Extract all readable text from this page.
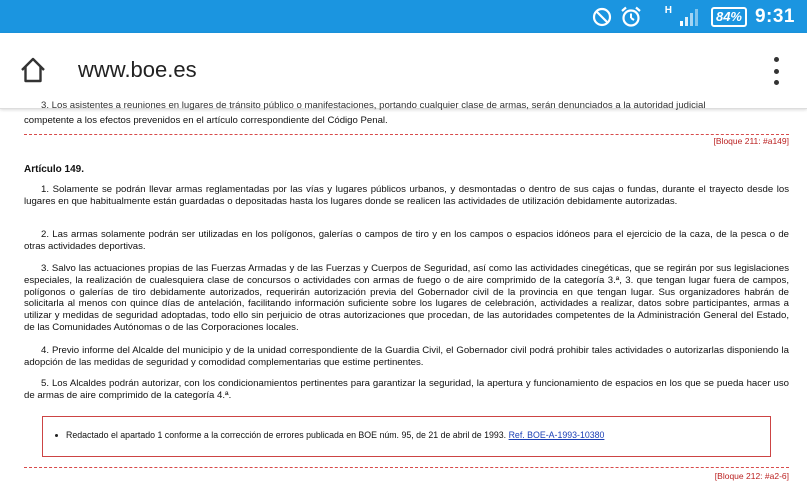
H	84% 9:31
www.boe.es
3. Los asistentes a reuniones en lugares de tránsito público o manifestaciones, portando cualquier clase de armas, serán denunciados a la autoridad judicial
competente a los efectos prevenidos en el artículo correspondiente del Código Penal.
[Bloque 211: #a149]
Artículo 149.
1. Solamente se podrán llevar armas reglamentadas por las vías y lugares públicos urbanos, y desmontadas o dentro de sus cajas o fundas, durante el trayecto desde los lugares en que habitualmente están guardadas o depositadas hasta los lugares donde se realicen las actividades de utilización debidamente autorizadas.
2. Las armas solamente podrán ser utilizadas en los polígonos, galerías o campos de tiro y en los campos o espacios idóneos para el ejercicio de la caza, de la pesca o de otras actividades deportivas.
3. Salvo las actuaciones propias de las Fuerzas Armadas y de las Fuerzas y Cuerpos de Seguridad, así como las actividades cinegéticas, que se regirán por sus legislaciones especiales, la realización de cualesquiera clase de concursos o actividades con armas de fuego o de aire comprimido de la categoría 3.ª, 3. que tengan lugar fuera de campos, polígonos o galerías de tiro debidamente autorizados, requerirán autorización previa del Gobernador civil de la provincia en que tengan lugar. Sus organizadores habrán de solicitarla al menos con quince días de antelación, facilitando información suficiente sobre los lugares de celebración, actividades a realizar, datos sobre participantes, armas a utilizar y medidas de seguridad adoptadas, todo ello sin perjuicio de otras autorizaciones que procedan, de las autoridades competentes de la Administración General del Estado, de las Comunidades Autónomas o de las Corporaciones locales.
4. Previo informe del Alcalde del municipio y de la unidad correspondiente de la Guardia Civil, el Gobernador civil podrá prohibir tales actividades o autorizarlas disponiendo la adopción de las medidas de seguridad y comodidad complementarias que estime pertinentes.
5. Los Alcaldes podrán autorizar, con los condicionamientos pertinentes para garantizar la seguridad, la apertura y funcionamiento de espacios en los que se pueda hacer uso de armas de aire comprimido de la categoría 4.ª.
Redactado el apartado 1 conforme a la corrección de errores publicada en BOE núm. 95, de 21 de abril de 1993. Ref. BOE-A-1993-10380
[Bloque 212: #a2-6]
